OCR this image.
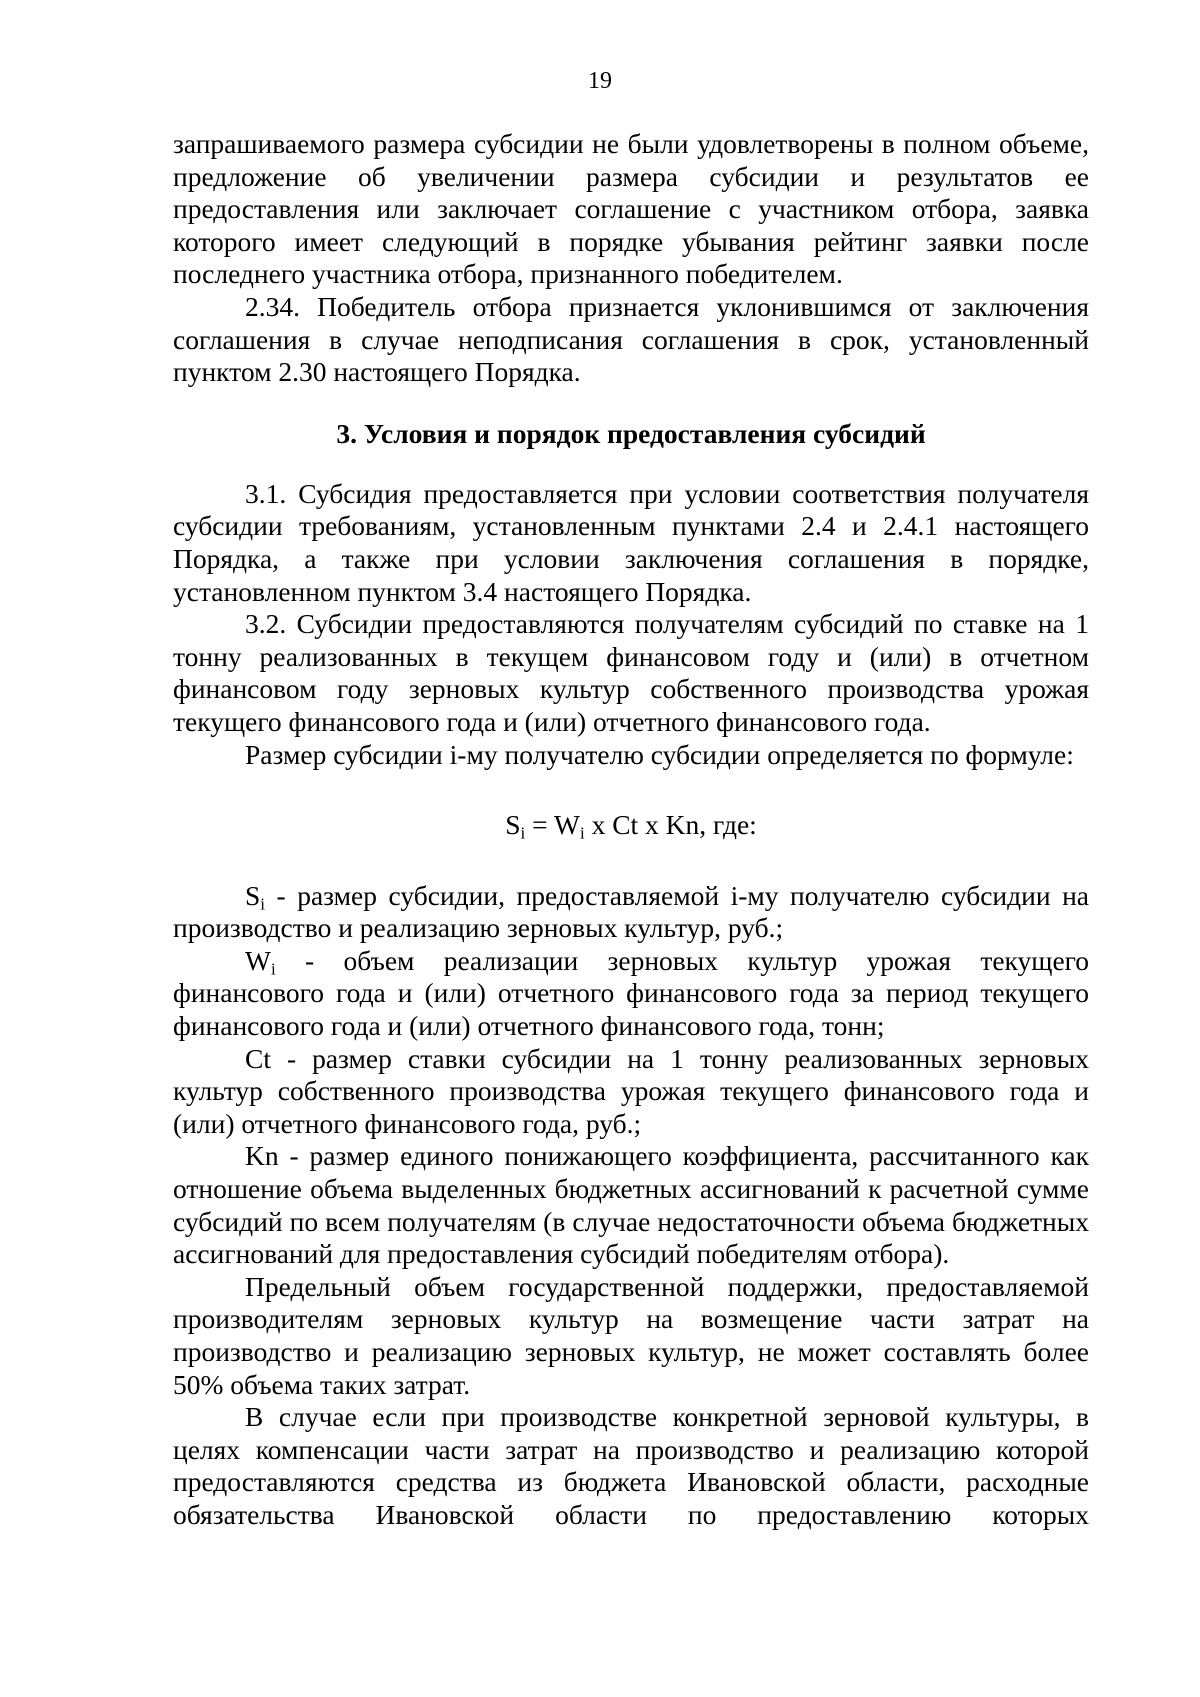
19

запрашиваемого размера субсидии не были удовлетворены в полном объеме, предложение об увеличении размера субсидии и результатов ее предоставления или заключает соглашение с участником отбора, заявка которого имеет следующий в порядке убывания рейтинг заявки после последнего участника отбора, признанного победителем.

2.34. Победитель отбора признается уклонившимся от заключения соглашения в случае неподписания соглашения в срок, установленный пунктом 2.30 настоящего Порядка.

3. Условия и порядок предоставления субсидий

3.1. Субсидия предоставляется при условии соответствия получателя субсидии требованиям, установленным пунктами 2.4 и 2.4.1 настоящего Порядка, а также при условии заключения соглашения в порядке, установленном пунктом 3.4 настоящего Порядка.

3.2. Субсидии предоставляются получателям субсидий по ставке на 1 тонну реализованных в текущем финансовом году и (или) в отчетном финансовом году зерновых культур собственного производства урожая текущего финансового года и (или) отчетного финансового года.

Размер субсидии i-му получателю субсидии определяется по формуле:

$S_i = W_i$ x Ct x Kn, где:

$S_i$ - размер субсидии, предоставляемой i-му получателю субсидии на производство и реализацию зерновых культур, руб.;

$W_i$ - объем реализации зерновых культур урожая текущего финансового года и (или) отчетного финансового года за период текущего финансового года и (или) отчетного финансового года, тонн;

Ct - размер ставки субсидии на 1 тонну реализованных зерновых культур собственного производства урожая текущего финансового года и (или) отчетного финансового года, руб.;

Kn - размер единого понижающего коэффициента, рассчитанного как отношение объема выделенных бюджетных ассигнований к расчетной сумме субсидий по всем получателям (в случае недостаточности объема бюджетных ассигнований для предоставления субсидий победителям отбора).

Предельный объем государственной поддержки, предоставляемой производителям зерновых культур на возмещение части затрат на производство и реализацию зерновых культур, не может составлять более 50% объема таких затрат.

В случае если при производстве конкретной зерновой культуры, в целях компенсации части затрат на производство и реализацию которой предоставляются средства из бюджета Ивановской области, расходные обязательства Ивановской области по предоставлению которых
